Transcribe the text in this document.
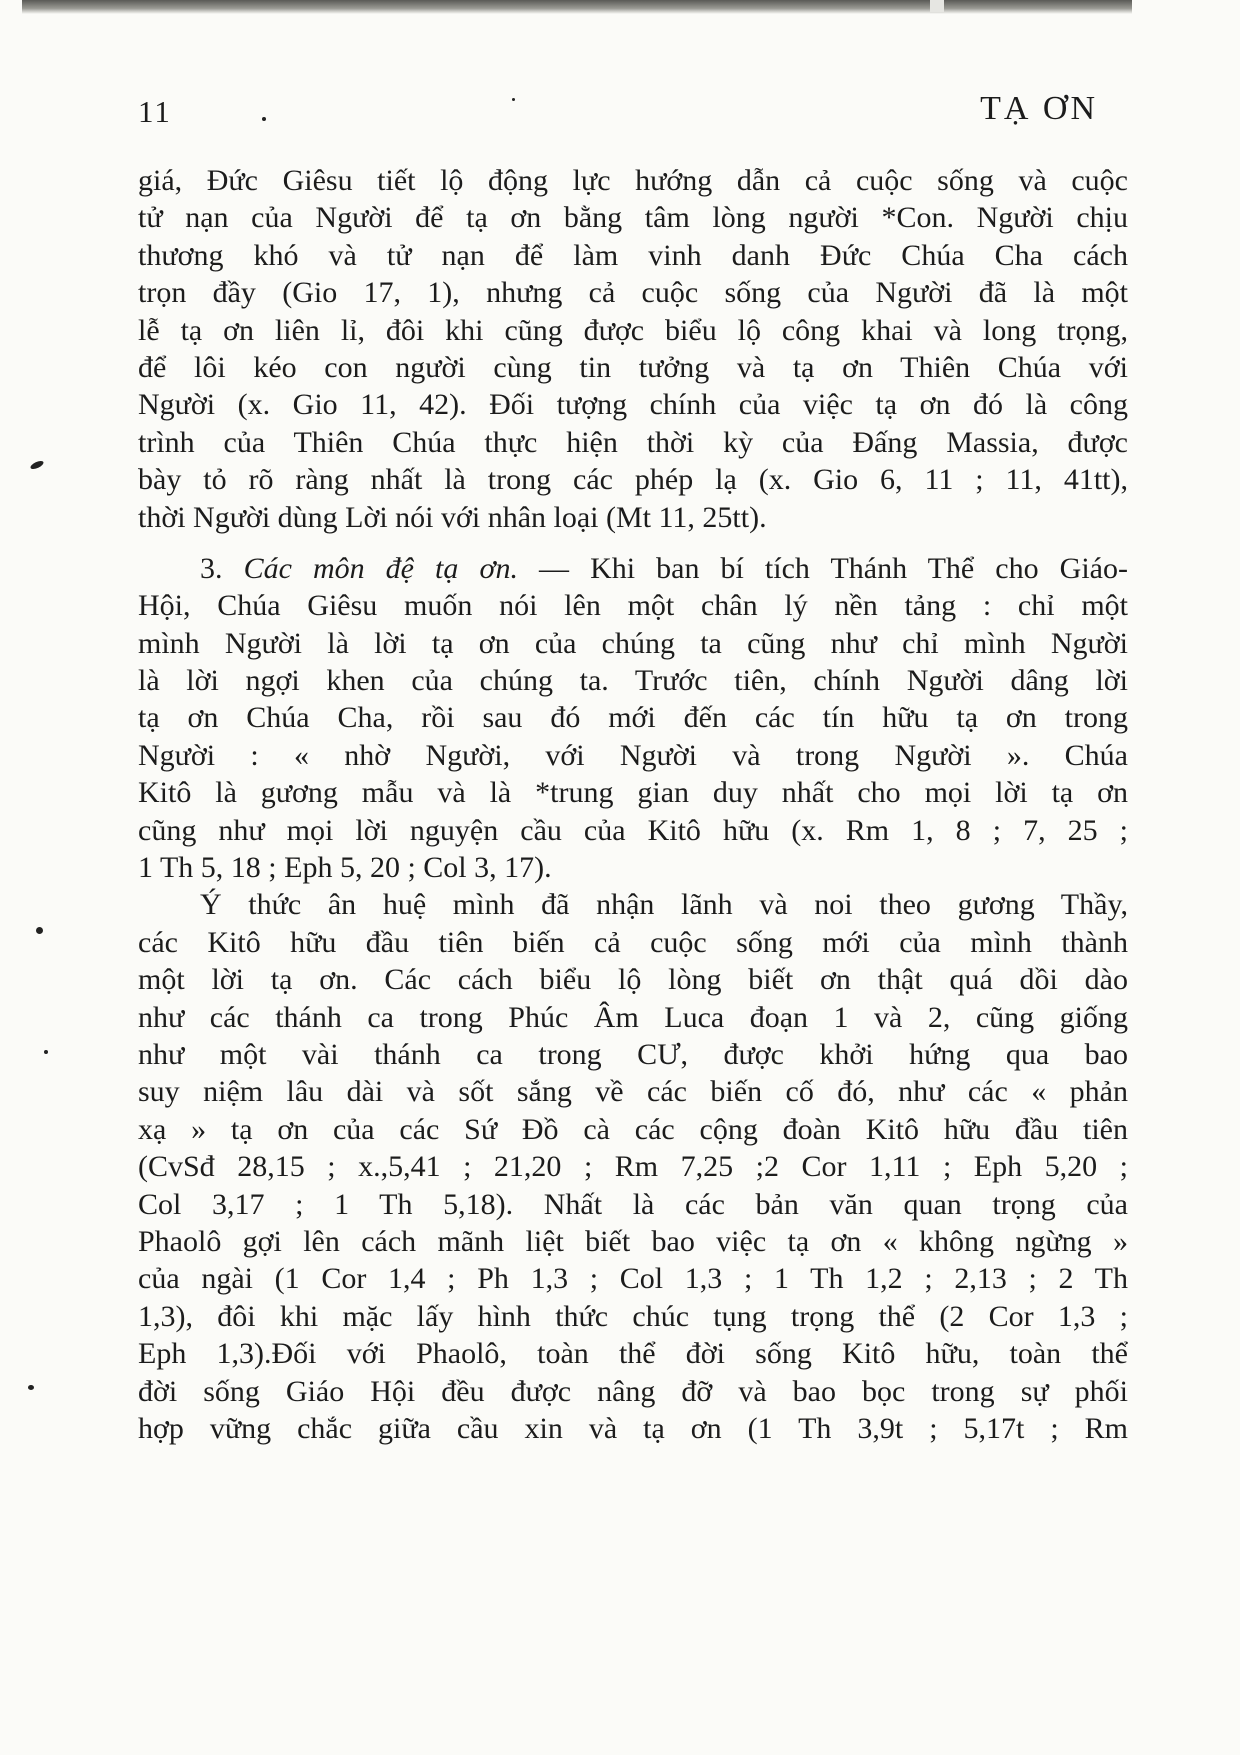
11	TẠ ƠN
giá, Đức Giêsu tiết lộ động lực hướng dẫn cả cuộc sống và cuộc
tử nạn của Người để tạ ơn bằng tâm lòng người *Con. Người chịu
thương khó và tử nạn để làm vinh danh Đức Chúa Cha cách
trọn đầy (Gio 17, 1), nhưng cả cuộc sống của Người đã là một
lễ tạ ơn liên lỉ, đôi khi cũng được biểu lộ công khai và long trọng,
để lôi kéo con người cùng tin tưởng và tạ ơn Thiên Chúa với
Người (x. Gio 11, 42). Đối tượng chính của việc tạ ơn đó là công
trình của Thiên Chúa thực hiện thời kỳ của Đấng Massia, được
bày tỏ rõ ràng nhất là trong các phép lạ (x. Gio 6, 11 ; 11, 41tt),
thời Người dùng Lời nói với nhân loại (Mt 11, 25tt).
3. Các môn đệ tạ ơn. — Khi ban bí tích Thánh Thể cho Giáo-
Hội, Chúa Giêsu muốn nói lên một chân lý nền tảng : chỉ một
mình Người là lời tạ ơn của chúng ta cũng như chỉ mình Người
là lời ngợi khen của chúng ta. Trước tiên, chính Người dâng lời
tạ ơn Chúa Cha, rồi sau đó mới đến các tín hữu tạ ơn trong
Người : « nhờ Người, với Người và trong Người ». Chúa
Kitô là gương mẫu và là *trung gian duy nhất cho mọi lời tạ ơn
cũng như mọi lời nguyện cầu của Kitô hữu (x. Rm 1, 8 ; 7, 25 ;
1 Th 5, 18 ; Eph 5, 20 ; Col 3, 17).
Ý thức ân huệ mình đã nhận lãnh và noi theo gương Thầy,
các Kitô hữu đầu tiên biến cả cuộc sống mới của mình thành
một lời tạ ơn. Các cách biểu lộ lòng biết ơn thật quá dồi dào
như các thánh ca trong Phúc Âm Luca đoạn 1 và 2, cũng giống
như một vài thánh ca trong CƯ, được khởi hứng qua bao
suy niệm lâu dài và sốt sắng về các biến cố đó, như các « phản
xạ » tạ ơn của các Sứ Đồ cà các cộng đoàn Kitô hữu đầu tiên
(CvSđ 28,15 ; x.,5,41 ; 21,20 ; Rm 7,25 ;2 Cor 1,11 ; Eph 5,20 ;
Col 3,17 ; 1 Th 5,18). Nhất là các bản văn quan trọng của
Phaolô gợi lên cách mãnh liệt biết bao việc tạ ơn « không ngừng »
của ngài (1 Cor 1,4 ; Ph 1,3 ; Col 1,3 ; 1 Th 1,2 ; 2,13 ; 2 Th
1,3), đôi khi mặc lấy hình thức chúc tụng trọng thể (2 Cor 1,3 ;
Eph 1,3).Đối với Phaolô, toàn thể đời sống Kitô hữu, toàn thể
đời sống Giáo Hội đều được nâng đỡ và bao bọc trong sự phối
hợp vững chắc giữa cầu xin và tạ ơn (1 Th 3,9t ; 5,17t ; Rm
